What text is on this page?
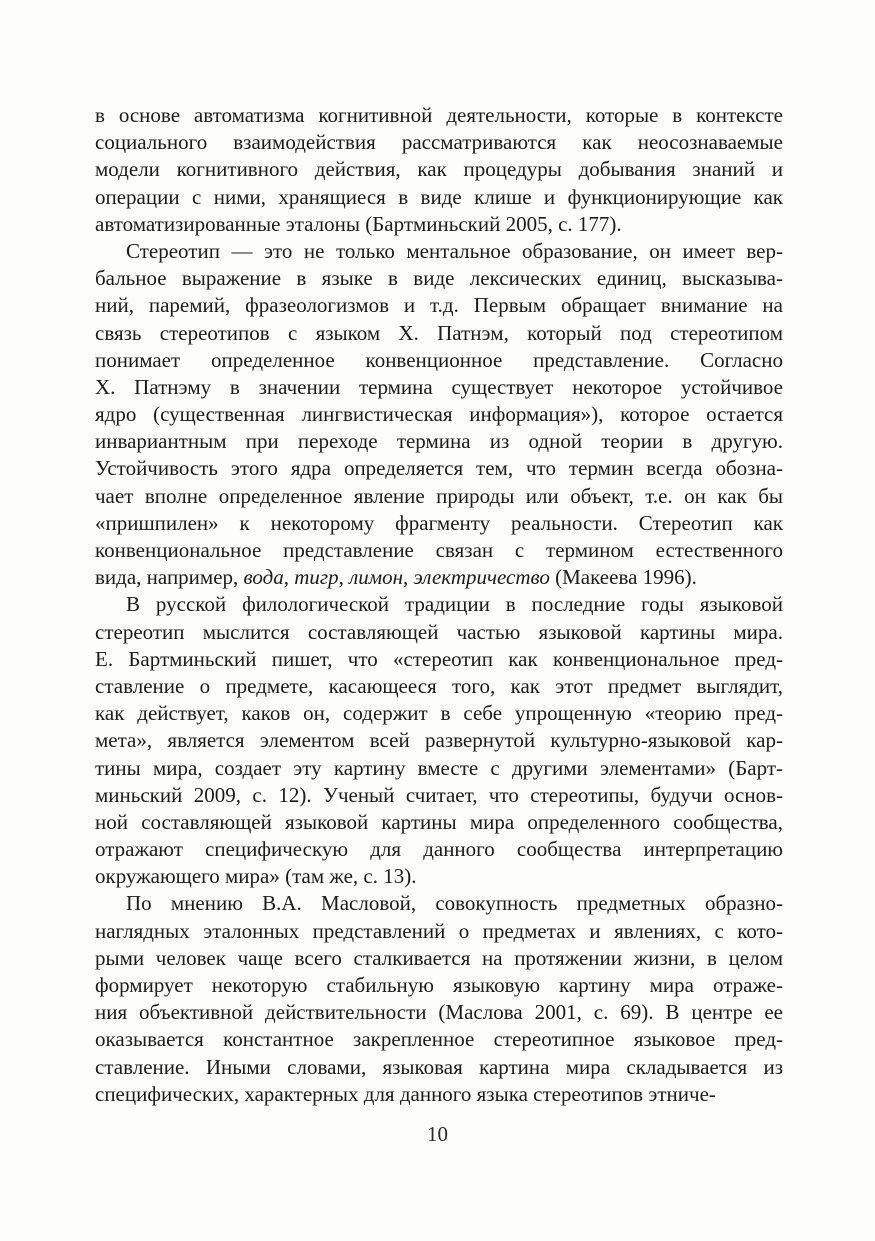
в основе автоматизма когнитивной деятельности, которые в контексте
социального взаимодействия рассматриваются как неосознаваемые
модели когнитивного действия, как процедуры добывания знаний и
операции с ними, хранящиеся в виде клише и функционирующие как
автоматизированные эталоны (Бартминьский 2005, с. 177).

Стереотип — это не только ментальное образование, он имеет вер-
бальное выражение в языке в виде лексических единиц, высказыва-
ний, паремий, фразеологизмов и т.д. Первым обращает внимание на
связь стереотипов с языком Х. Патнэм, который под стереотипом
понимает определенное конвенционное представление. Согласно
Х. Патнэму в значении термина существует некоторое устойчивое
ядро (существенная лингвистическая информация»), которое остается
инвариантным при переходе термина из одной теории в другую.
Устойчивость этого ядра определяется тем, что термин всегда обозна-
чает вполне определенное явление природы или объект, т.е. он как бы
«пришпилен» к некоторому фрагменту реальности. Стереотип как
конвенциональное представление связан с термином естественного
вида, например, вода, тигр, лимон, электричество (Макеева 1996).

В русской филологической традиции в последние годы языковой
стереотип мыслится составляющей частью языковой картины мира.
Е. Бартминьский пишет, что «стереотип как конвенциональное пред-
ставление о предмете, касающееся того, как этот предмет выглядит,
как действует, каков он, содержит в себе упрощенную «теорию пред-
мета», является элементом всей развернутой культурно-языковой кар-
тины мира, создает эту картину вместе с другими элементами» (Барт-
миньский 2009, с. 12). Ученый считает, что стереотипы, будучи основ-
ной составляющей языковой картины мира определенного сообщества,
отражают специфическую для данного сообщества интерпретацию
окружающего мира» (там же, с. 13).

По мнению В.А. Масловой, совокупность предметных образно-
наглядных эталонных представлений о предметах и явлениях, с кото-
рыми человек чаще всего сталкивается на протяжении жизни, в целом
формирует некоторую стабильную языковую картину мира отраже-
ния объективной действительности (Маслова 2001, с. 69). В центре ее
оказывается константное закрепленное стереотипное языковое пред-
ставление. Иными словами, языковая картина мира складывается из
специфических, характерных для данного языка стереотипов этниче-

10
